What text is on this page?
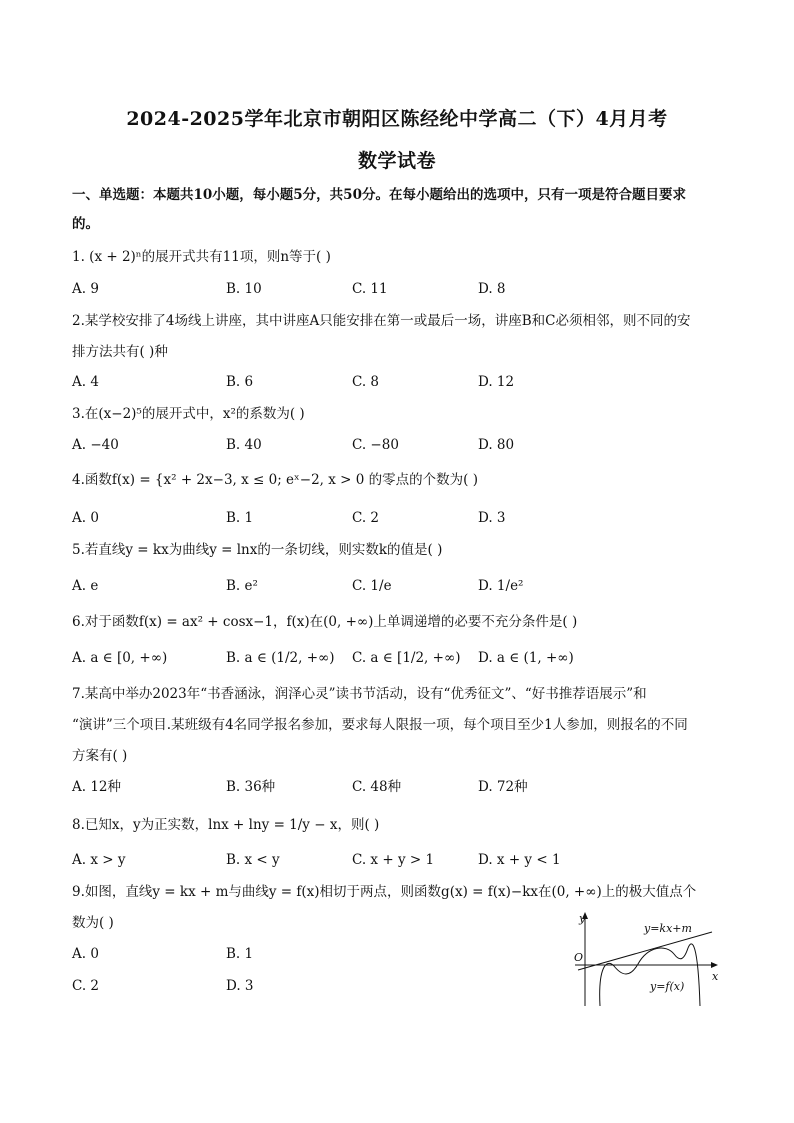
2024-2025学年北京市朝阳区陈经纶中学高二（下）4月月考
数学试卷
一、单选题：本题共10小题，每小题5分，共50分。在每小题给出的选项中，只有一项是符合题目要求
的。
1. (x + 2)ⁿ的展开式共有11项，则n等于( )
A. 9	B. 10	C. 11	D. 8
2.某学校安排了4场线上讲座，其中讲座A只能安排在第一或最后一场，讲座B和C必须相邻，则不同的安
排方法共有( )种
A. 4	B. 6	C. 8	D. 12
3.在(x−2)⁵的展开式中，x²的系数为( )
A. −40	B. 40	C. −80	D. 80
4.函数f(x) = {x² + 2x−3, x ≤ 0; eˣ−2, x > 0 的零点的个数为( )
A. 0	B. 1	C. 2	D. 3
5.若直线y = kx为曲线y = lnx的一条切线，则实数k的值是( )
A. e	B. e²	C. 1/e	D. 1/e²
6.对于函数f(x) = ax² + cosx−1，f(x)在(0, +∞)上单调递增的必要不充分条件是( )
A. a ∈ [0, +∞)	B. a ∈ (1/2, +∞) C. a ∈ [1/2, +∞) D. a ∈ (1, +∞)
7.某高中举办2023年“书香涵泳，润泽心灵”读书节活动，设有“优秀征文”、“好书推荐语展示”和
“演讲”三个项目.某班级有4名同学报名参加，要求每人限报一项，每个项目至少1人参加，则报名的不同
方案有( )
A. 12种	B. 36种	C. 48种	D. 72种
8.已知x，y为正实数，lnx + lny = 1/y − x，则( )
A. x > y	B. x < y	C. x + y > 1	D. x + y < 1
9.如图，直线y = kx + m与曲线y = f(x)相切于两点，则函数g(x) = f(x)−kx在(0, +∞)上的极大值点个
数为( )
A. 0	B. 1
C. 2	D. 3
y
x
O
y=kx+m
y=f(x)
